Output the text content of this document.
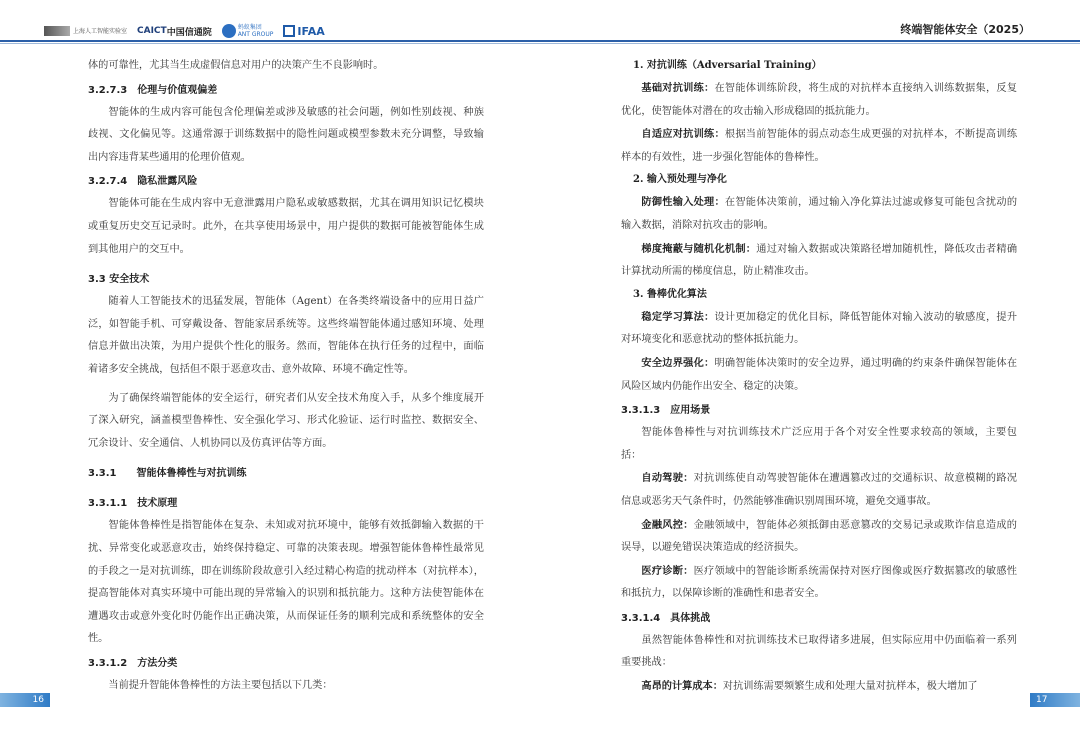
上海人工智能实验室 CAICT 中国信通院	蚂蚁集团
ANT GROUP IFAA	终端智能体安全（2025）

体的可靠性，尤其当生成虚假信息对用户的决策产生不良影响时。

3.2.7.3　伦理与价值观偏差

智能体的生成内容可能包含伦理偏差或涉及敏感的社会问题，例如性别歧视、种族歧视、文化偏见等。这通常源于训练数据中的隐性问题或模型参数未充分调整，导致输出内容违背某些通用的伦理价值观。

3.2.7.4　隐私泄露风险

智能体可能在生成内容中无意泄露用户隐私或敏感数据，尤其在调用知识记忆模块或重复历史交互记录时。此外，在共享使用场景中，用户提供的数据可能被智能体生成到其他用户的交互中。

3.3 安全技术

随着人工智能技术的迅猛发展，智能体（Agent）在各类终端设备中的应用日益广泛，如智能手机、可穿戴设备、智能家居系统等。这些终端智能体通过感知环境、处理信息并做出决策，为用户提供个性化的服务。然而，智能体在执行任务的过程中，面临着诸多安全挑战，包括但不限于恶意攻击、意外故障、环境不确定性等。

为了确保终端智能体的安全运行，研究者们从安全技术角度入手，从多个维度展开了深入研究，涵盖模型鲁棒性、安全强化学习、形式化验证、运行时监控、数据安全、冗余设计、安全通信、人机协同以及仿真评估等方面。

3.3.1　　智能体鲁棒性与对抗训练
3.3.1.1　技术原理

智能体鲁棒性是指智能体在复杂、未知或对抗环境中，能够有效抵御输入数据的干扰、异常变化或恶意攻击，始终保持稳定、可靠的决策表现。增强智能体鲁棒性最常见的手段之一是对抗训练，即在训练阶段故意引入经过精心构造的扰动样本（对抗样本），提高智能体对真实环境中可能出现的异常输入的识别和抵抗能力。这种方法使智能体在遭遇攻击或意外变化时仍能作出正确决策，从而保证任务的顺利完成和系统整体的安全性。

3.3.1.2　方法分类

当前提升智能体鲁棒性的方法主要包括以下几类：

1. 对抗训练（Adversarial Training）

基础对抗训练：在智能体训练阶段，将生成的对抗样本直接纳入训练数据集，反复优化，使智能体对潜在的攻击输入形成稳固的抵抗能力。

自适应对抗训练：根据当前智能体的弱点动态生成更强的对抗样本，不断提高训练样本的有效性，进一步强化智能体的鲁棒性。

2. 输入预处理与净化

防御性输入处理：在智能体决策前，通过输入净化算法过滤或修复可能包含扰动的输入数据，消除对抗攻击的影响。

梯度掩蔽与随机化机制：通过对输入数据或决策路径增加随机性，降低攻击者精确计算扰动所需的梯度信息，防止精准攻击。

3. 鲁棒优化算法

稳定学习算法：设计更加稳定的优化目标，降低智能体对输入波动的敏感度，提升对环境变化和恶意扰动的整体抵抗能力。

安全边界强化：明确智能体决策时的安全边界，通过明确的约束条件确保智能体在风险区域内仍能作出安全、稳定的决策。

3.3.1.3　应用场景

智能体鲁棒性与对抗训练技术广泛应用于各个对安全性要求较高的领域，主要包括：

自动驾驶：对抗训练使自动驾驶智能体在遭遇篡改过的交通标识、故意模糊的路况信息或恶劣天气条件时，仍然能够准确识别周围环境，避免交通事故。

金融风控：金融领域中，智能体必须抵御由恶意篡改的交易记录或欺诈信息造成的误导，以避免错误决策造成的经济损失。

医疗诊断：医疗领域中的智能诊断系统需保持对医疗图像或医疗数据篡改的敏感性和抵抗力，以保障诊断的准确性和患者安全。

3.3.1.4　具体挑战

虽然智能体鲁棒性和对抗训练技术已取得诸多进展，但实际应用中仍面临着一系列重要挑战：

高昂的计算成本：对抗训练需要频繁生成和处理大量对抗样本，极大增加了

16	17
